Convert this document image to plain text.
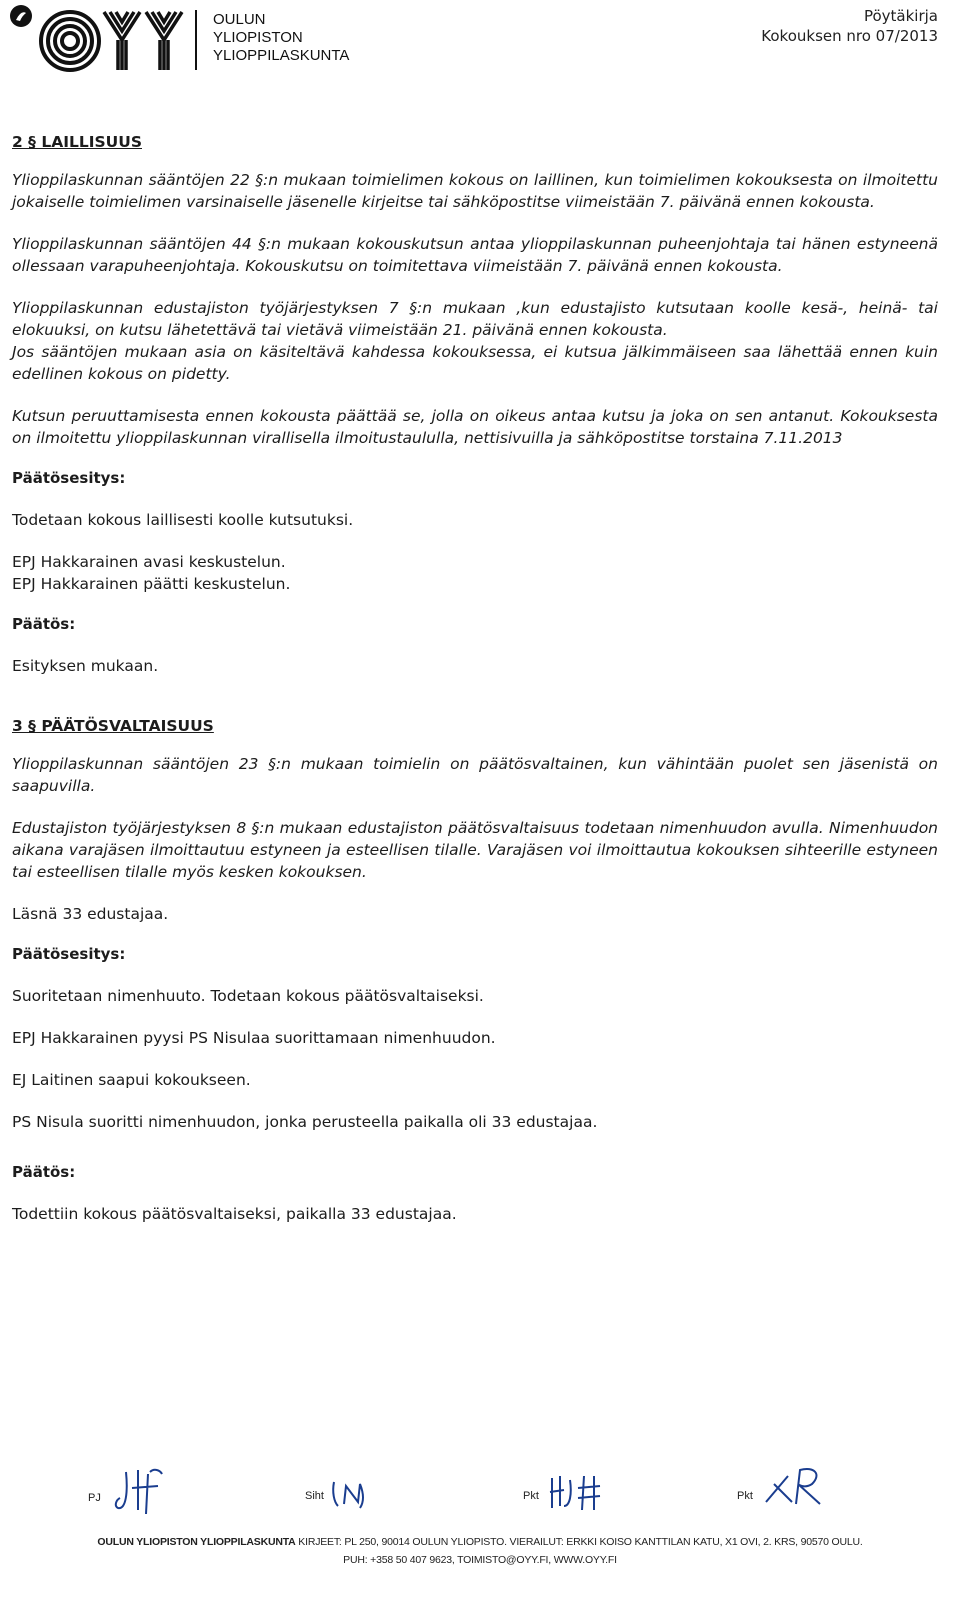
OULUN
YLIOPISTON
YLIOPPILASKUNTA
Pöytäkirja
Kokouksen nro 07/2013
2 § LAILLISUUS

Ylioppilaskunnan sääntöjen 22 §:n mukaan toimielimen kokous on laillinen, kun toimielimen kokouksesta on ilmoitettu jokaiselle toimielimen varsinaiselle jäsenelle kirjeitse tai sähköpostitse viimeistään 7. päivänä ennen kokousta.

Ylioppilaskunnan sääntöjen 44 §:n mukaan kokouskutsun antaa ylioppilaskunnan puheenjohtaja tai hänen estyneenä ollessaan varapuheenjohtaja. Kokouskutsu on toimitettava viimeistään 7. päivänä ennen kokousta.

Ylioppilaskunnan edustajiston työjärjestyksen 7 §:n mukaan ,kun edustajisto kutsutaan koolle kesä-, heinä- tai elokuuksi, on kutsu lähetettävä tai vietävä viimeistään 21. päivänä ennen kokousta.

Jos sääntöjen mukaan asia on käsiteltävä kahdessa kokouksessa, ei kutsua jälkimmäiseen saa lähettää ennen kuin edellinen kokous on pidetty.

Kutsun peruuttamisesta ennen kokousta päättää se, jolla on oikeus antaa kutsu ja joka on sen antanut. Kokouksesta on ilmoitettu ylioppilaskunnan virallisella ilmoitustaululla, nettisivuilla ja sähköpostitse torstaina 7.11.2013

Päätösesitys:

Todetaan kokous laillisesti koolle kutsutuksi.

EPJ Hakkarainen avasi keskustelun.

EPJ Hakkarainen päätti keskustelun.

Päätös:

Esityksen mukaan.

3 § PÄÄTÖSVALTAISUUS

Ylioppilaskunnan sääntöjen 23 §:n mukaan toimielin on päätösvaltainen, kun vähintään puolet sen jäsenistä on saapuvilla.

Edustajiston työjärjestyksen 8 §:n mukaan edustajiston päätösvaltaisuus todetaan nimenhuudon avulla. Nimenhuudon aikana varajäsen ilmoittautuu estyneen ja esteellisen tilalle. Varajäsen voi ilmoittautua kokouksen sihteerille estyneen tai esteellisen tilalle myös kesken kokouksen.

Läsnä 33 edustajaa.

Päätösesitys:

Suoritetaan nimenhuuto. Todetaan kokous päätösvaltaiseksi.

EPJ Hakkarainen pyysi PS Nisulaa suorittamaan nimenhuudon.

EJ Laitinen saapui kokoukseen.

PS Nisula suoritti nimenhuudon, jonka perusteella paikalla oli 33 edustajaa.

Päätös:

Todettiin kokous päätösvaltaiseksi, paikalla 33 edustajaa.

PJ	Siht	Pkt	Pkt
OULUN YLIOPISTON YLIOPPILASKUNTA KIRJEET: PL 250, 90014 OULUN YLIOPISTO. VIERAILUT: ERKKI KOISO KANTTILAN KATU, X1 OVI, 2. KRS, 90570 OULU.
PUH: +358 50 407 9623, TOIMISTO@OYY.FI, WWW.OYY.FI
